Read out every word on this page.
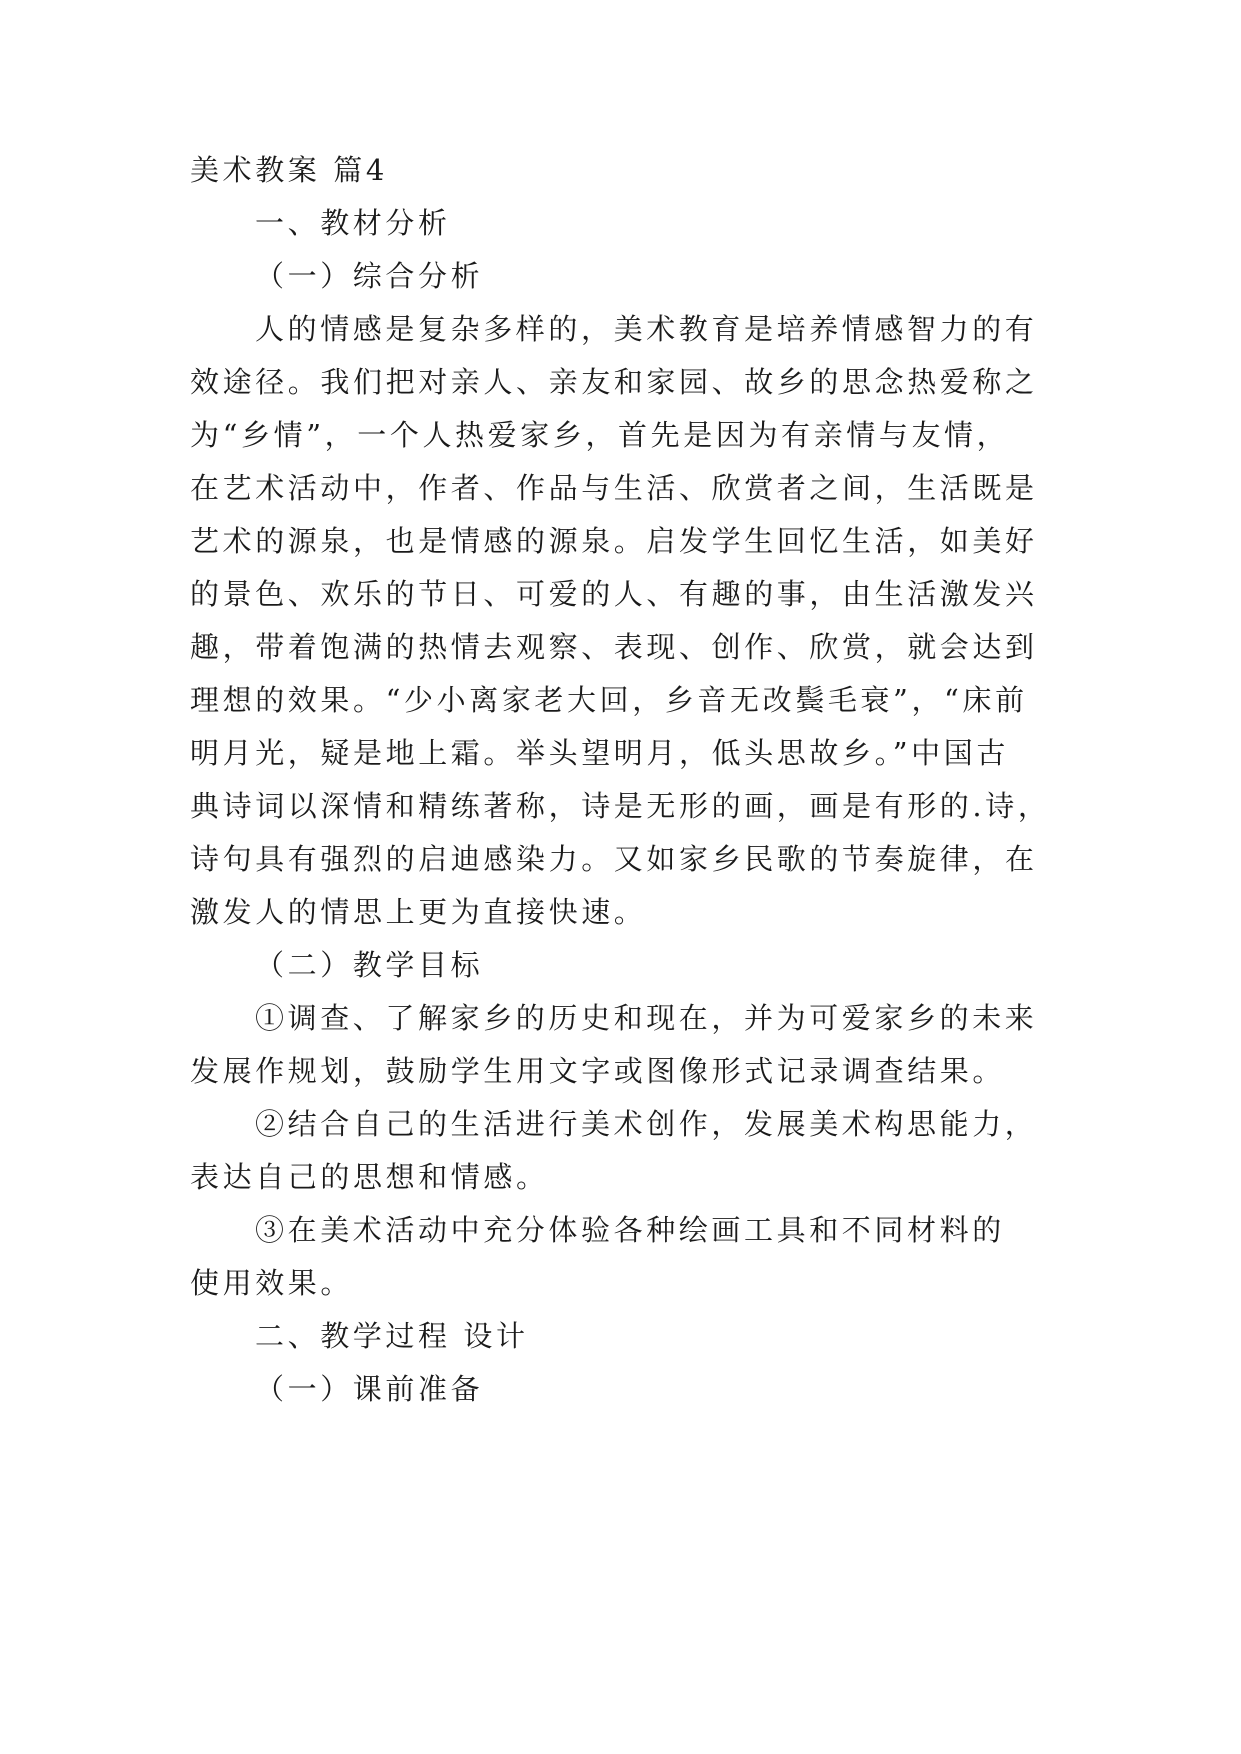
美术教案 篇4

一、教材分析

（一）综合分析

人的情感是复杂多样的，美术教育是培养情感智力的有

效途径。我们把对亲人、亲友和家园、故乡的思念热爱称之

为“乡情”，一个人热爱家乡，首先是因为有亲情与友情，

在艺术活动中，作者、作品与生活、欣赏者之间，生活既是

艺术的源泉，也是情感的源泉。启发学生回忆生活，如美好

的景色、欢乐的节日、可爱的人、有趣的事，由生活激发兴

趣，带着饱满的热情去观察、表现、创作、欣赏，就会达到

理想的效果。“少小离家老大回，乡音无改鬓毛衰”，“床前

明月光，疑是地上霜。举头望明月，低头思故乡。”中国古

典诗词以深情和精练著称，诗是无形的画，画是有形的.诗，

诗句具有强烈的启迪感染力。又如家乡民歌的节奏旋律，在

激发人的情思上更为直接快速。

（二）教学目标

①调查、了解家乡的历史和现在，并为可爱家乡的未来

发展作规划，鼓励学生用文字或图像形式记录调查结果。

②结合自己的生活进行美术创作，发展美术构思能力，

表达自己的思想和情感。

③在美术活动中充分体验各种绘画工具和不同材料的

使用效果。

二、教学过程 设计

（一）课前准备
